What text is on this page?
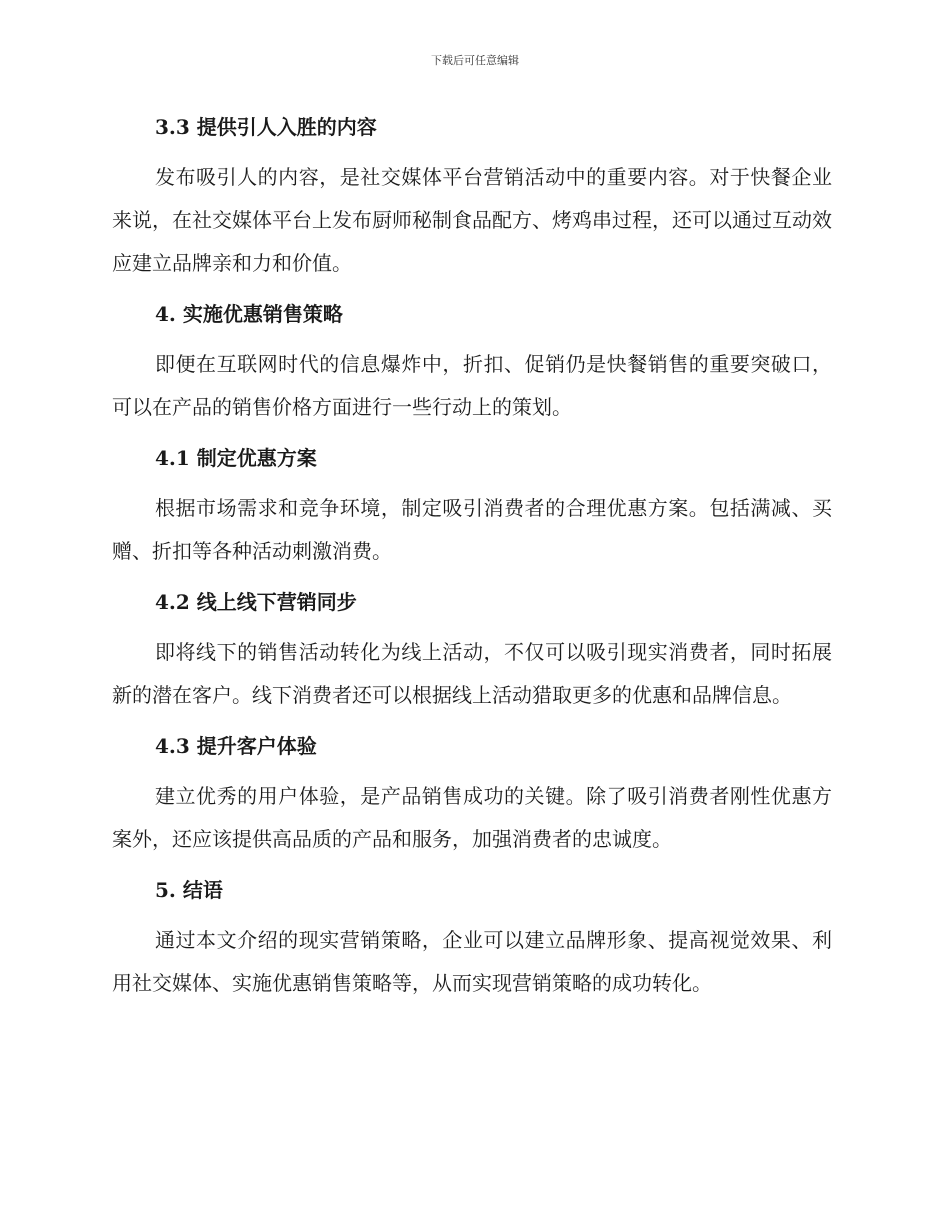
下载后可任意编辑
3.3 提供引人入胜的内容
发布吸引人的内容，是社交媒体平台营销活动中的重要内容。对于快餐企业来说，在社交媒体平台上发布厨师秘制食品配方、烤鸡串过程，还可以通过互动效应建立品牌亲和力和价值。
4. 实施优惠销售策略
即便在互联网时代的信息爆炸中，折扣、促销仍是快餐销售的重要突破口，可以在产品的销售价格方面进行一些行动上的策划。
4.1 制定优惠方案
根据市场需求和竞争环境，制定吸引消费者的合理优惠方案。包括满减、买赠、折扣等各种活动刺激消费。
4.2 线上线下营销同步
即将线下的销售活动转化为线上活动，不仅可以吸引现实消费者，同时拓展新的潜在客户。线下消费者还可以根据线上活动猎取更多的优惠和品牌信息。
4.3 提升客户体验
建立优秀的用户体验，是产品销售成功的关键。除了吸引消费者刚性优惠方案外，还应该提供高品质的产品和服务，加强消费者的忠诚度。
5. 结语
通过本文介绍的现实营销策略，企业可以建立品牌形象、提高视觉效果、利用社交媒体、实施优惠销售策略等，从而实现营销策略的成功转化。
